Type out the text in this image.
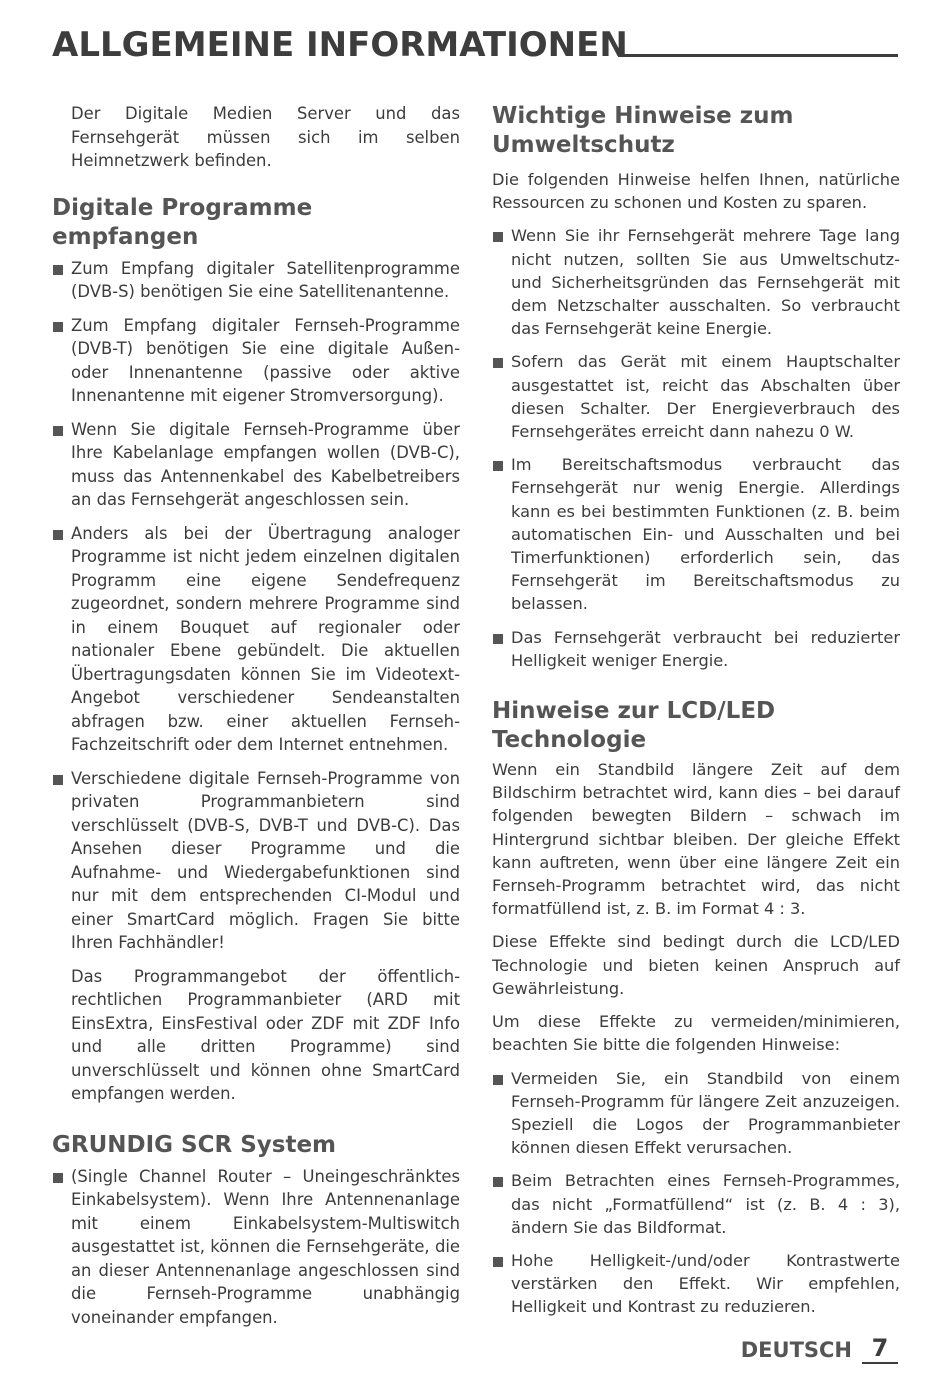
ALLGEMEINE INFORMATIONEN

Der Digitale Medien Server und das Fernsehgerät müssen sich im selben Heimnetzwerk befinden.

Digitale Programme empfangen

Zum Empfang digitaler Satellitenprogramme (DVB-S) benötigen Sie eine Satellitenantenne.

Zum Empfang digitaler Fernseh-Programme (DVB-T) benötigen Sie eine digitale Außen- oder Innenantenne (passive oder aktive Innenantenne mit eigener Stromversorgung).

Wenn Sie digitale Fernseh-Programme über Ihre Kabelanlage empfangen wollen (DVB-C), muss das Antennenkabel des Kabelbetreibers an das Fernsehgerät angeschlossen sein.

Anders als bei der Übertragung analoger Programme ist nicht jedem einzelnen digitalen Programm eine eigene Sendefrequenz zugeordnet, sondern mehrere Programme sind in einem Bouquet auf regionaler oder nationaler Ebene gebündelt. Die aktuellen Übertragungsdaten können Sie im Videotext-Angebot verschiedener Sendeanstalten abfragen bzw. einer aktuellen Fernseh-Fachzeitschrift oder dem Internet entnehmen.

Verschiedene digitale Fernseh-Programme von privaten Programmanbietern sind verschlüsselt (DVB-S, DVB-T und DVB-C). Das Ansehen dieser Programme und die Aufnahme- und Wiedergabefunktionen sind nur mit dem entsprechenden CI-Modul und einer SmartCard möglich. Fragen Sie bitte Ihren Fachhändler!

Das Programmangebot der öffentlich-rechtlichen Programmanbieter (ARD mit EinsExtra, EinsFestival oder ZDF mit ZDF Info und alle dritten Programme) sind unverschlüsselt und können ohne SmartCard empfangen werden.

GRUNDIG SCR System

(Single Channel Router – Uneingeschränktes Einkabelsystem). Wenn Ihre Antennenanlage mit einem Einkabelsystem-Multiswitch ausgestattet ist, können die Fernsehgeräte, die an dieser Antennenanlage angeschlossen sind die Fernseh-Programme unabhängig voneinander empfangen.

Wichtige Hinweise zum Umweltschutz

Die folgenden Hinweise helfen Ihnen, natürliche Ressourcen zu schonen und Kosten zu sparen.

Wenn Sie ihr Fernsehgerät mehrere Tage lang nicht nutzen, sollten Sie aus Umweltschutz- und Sicherheitsgründen das Fernsehgerät mit dem Netzschalter ausschalten. So verbraucht das Fernsehgerät keine Energie.

Sofern das Gerät mit einem Hauptschalter ausgestattet ist, reicht das Abschalten über diesen Schalter. Der Energieverbrauch des Fernsehgerätes erreicht dann nahezu 0 W.

Im Bereitschaftsmodus verbraucht das Fernsehgerät nur wenig Energie. Allerdings kann es bei bestimmten Funktionen (z. B. beim automatischen Ein- und Ausschalten und bei Timerfunktionen) erforderlich sein, das Fernsehgerät im Bereitschaftsmodus zu belassen.

Das Fernsehgerät verbraucht bei reduzierter Helligkeit weniger Energie.

Hinweise zur LCD/LED Technologie

Wenn ein Standbild längere Zeit auf dem Bildschirm betrachtet wird, kann dies – bei darauf folgenden bewegten Bildern – schwach im Hintergrund sichtbar bleiben. Der gleiche Effekt kann auftreten, wenn über eine längere Zeit ein Fernseh-Programm betrachtet wird, das nicht formatfüllend ist, z. B. im Format 4 : 3.

Diese Effekte sind bedingt durch die LCD/LED Technologie und bieten keinen Anspruch auf Gewährleistung.

Um diese Effekte zu vermeiden/minimieren, beachten Sie bitte die folgenden Hinweise:

Vermeiden Sie, ein Standbild von einem Fernseh-Programm für längere Zeit anzuzeigen. Speziell die Logos der Programmanbieter können diesen Effekt verursachen.

Beim Betrachten eines Fernseh-Programmes, das nicht „Formatfüllend“ ist (z. B. 4 : 3), ändern Sie das Bildformat.

Hohe Helligkeit-/und/oder Kontrastwerte verstärken den Effekt. Wir empfehlen, Helligkeit und Kontrast zu reduzieren.

DEUTSCH 7
